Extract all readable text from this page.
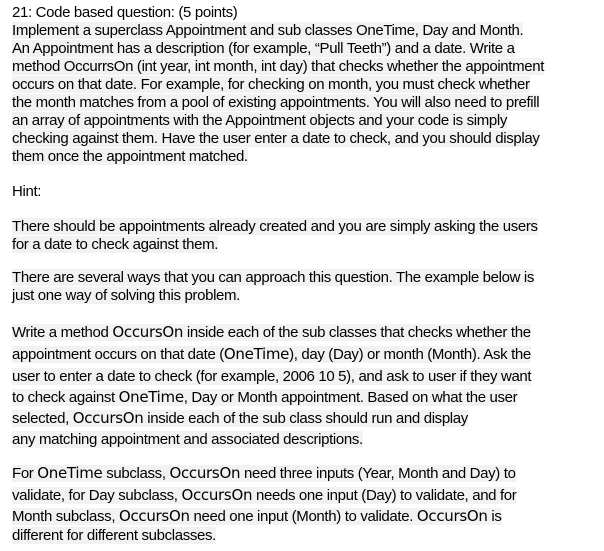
21: Code based question: (5 points)
Implement a superclass Appointment and sub classes OneTime, Day and Month.
An Appointment has a description (for example, “Pull Teeth”) and a date. Write a
method OccurrsOn (int year, int month, int day) that checks whether the appointment
occurs on that date. For example, for checking on month, you must check whether
the month matches from a pool of existing appointments. You will also need to prefill
an array of appointments with the Appointment objects and your code is simply
checking against them. Have the user enter a date to check, and you should display
them once the appointment matched.
Hint:
There should be appointments already created and you are simply asking the users
for a date to check against them.
There are several ways that you can approach this question. The example below is
just one way of solving this problem.
Write a method OccursOn inside each of the sub classes that checks whether the
appointment occurs on that date (OneTime), day (Day) or month (Month). Ask the
user to enter a date to check (for example, 2006 10 5), and ask to user if they want
to check against OneTime, Day or Month appointment. Based on what the user
selected, OccursOn inside each of the sub class should run and display
any matching appointment and associated descriptions.
For OneTime subclass, OccursOn need three inputs (Year, Month and Day) to
validate, for Day subclass, OccursOn needs one input (Day) to validate, and for
Month subclass, OccursOn need one input (Month) to validate. OccursOn is
different for different subclasses.
